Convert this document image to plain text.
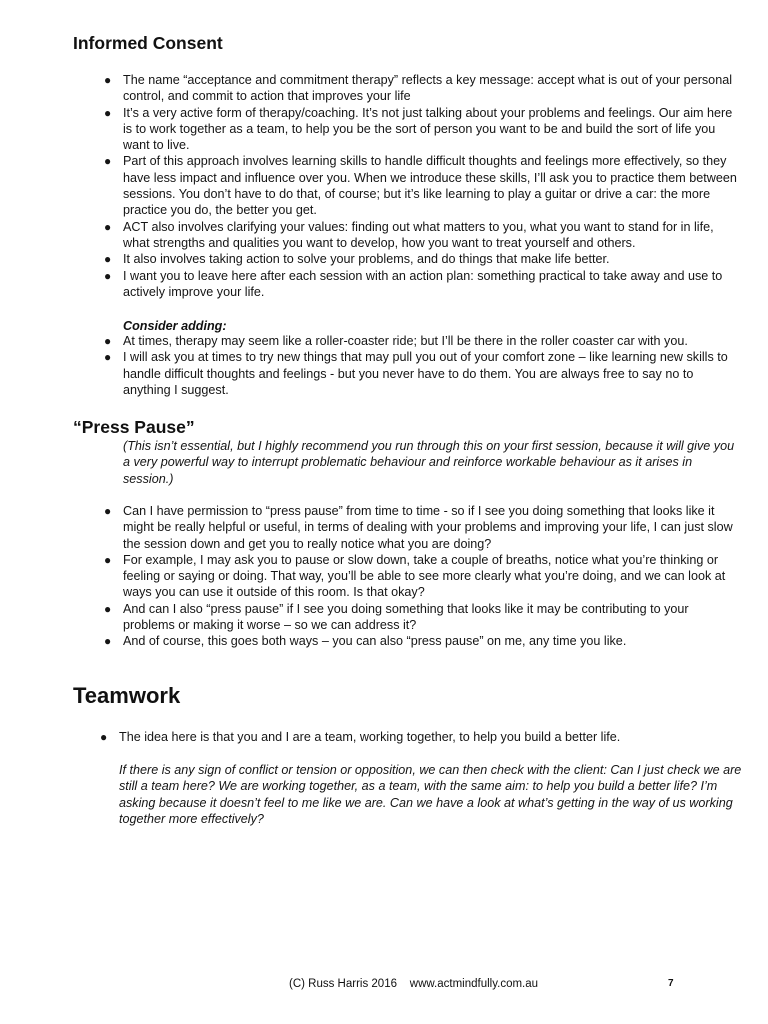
Informed Consent
● The name “acceptance and commitment therapy” reflects a key message: accept what is out of your personal control, and commit to action that improves your life
● It’s a very active form of therapy/coaching. It’s not just talking about your problems and feelings. Our aim here is to work together as a team, to help you be the sort of person you want to be and build the sort of life you want to live.
● Part of this approach involves learning skills to handle difficult thoughts and feelings more effectively, so they have less impact and influence over you. When we introduce these skills, I’ll ask you to practice them between sessions. You don’t have to do that, of course; but it’s like learning to play a guitar or drive a car: the more practice you do, the better you get.
● ACT also involves clarifying your values: finding out what matters to you, what you want to stand for in life, what strengths and qualities you want to develop, how you want to treat yourself and others.
● It also involves taking action to solve your problems, and do things that make life better.
● I want you to leave here after each session with an action plan: something practical to take away and use to actively improve your life.
Consider adding:
● At times, therapy may seem like a roller-coaster ride; but I’ll be there in the roller coaster car with you.
● I will ask you at times to try new things that may pull you out of your comfort zone – like learning new skills to handle difficult thoughts and feelings - but you never have to do them. You are always free to say no to anything I suggest.
“Press Pause”
(This isn’t essential, but I highly recommend you run through this on your first session, because it will give you a very powerful way to interrupt problematic behaviour and reinforce workable behaviour as it arises in session.)
● Can I have permission to “press pause” from time to time - so if I see you doing something that looks like it might be really helpful or useful, in terms of dealing with your problems and improving your life, I can just slow the session down and get you to really notice what you are doing?
● For example, I may ask you to pause or slow down, take a couple of breaths, notice what you’re thinking or feeling or saying or doing. That way, you’ll be able to see more clearly what you’re doing, and we can look at ways you can use it outside of this room. Is that okay?
● And can I also “press pause” if I see you doing something that looks like it may be contributing to your problems or making it worse – so we can address it?
● And of course, this goes both ways – you can also “press pause” on me, any time you like.
Teamwork
● The idea here is that you and I are a team, working together, to help you build a better life.
If there is any sign of conflict or tension or opposition, we can then check with the client: Can I just check we are still a team here? We are working together, as a team, with the same aim: to help you build a better life? I’m asking because it doesn’t feel to me like we are. Can we have a look at what’s getting in the way of us working together more effectively?
(C) Russ Harris 2016    www.actmindfully.com.au	7
